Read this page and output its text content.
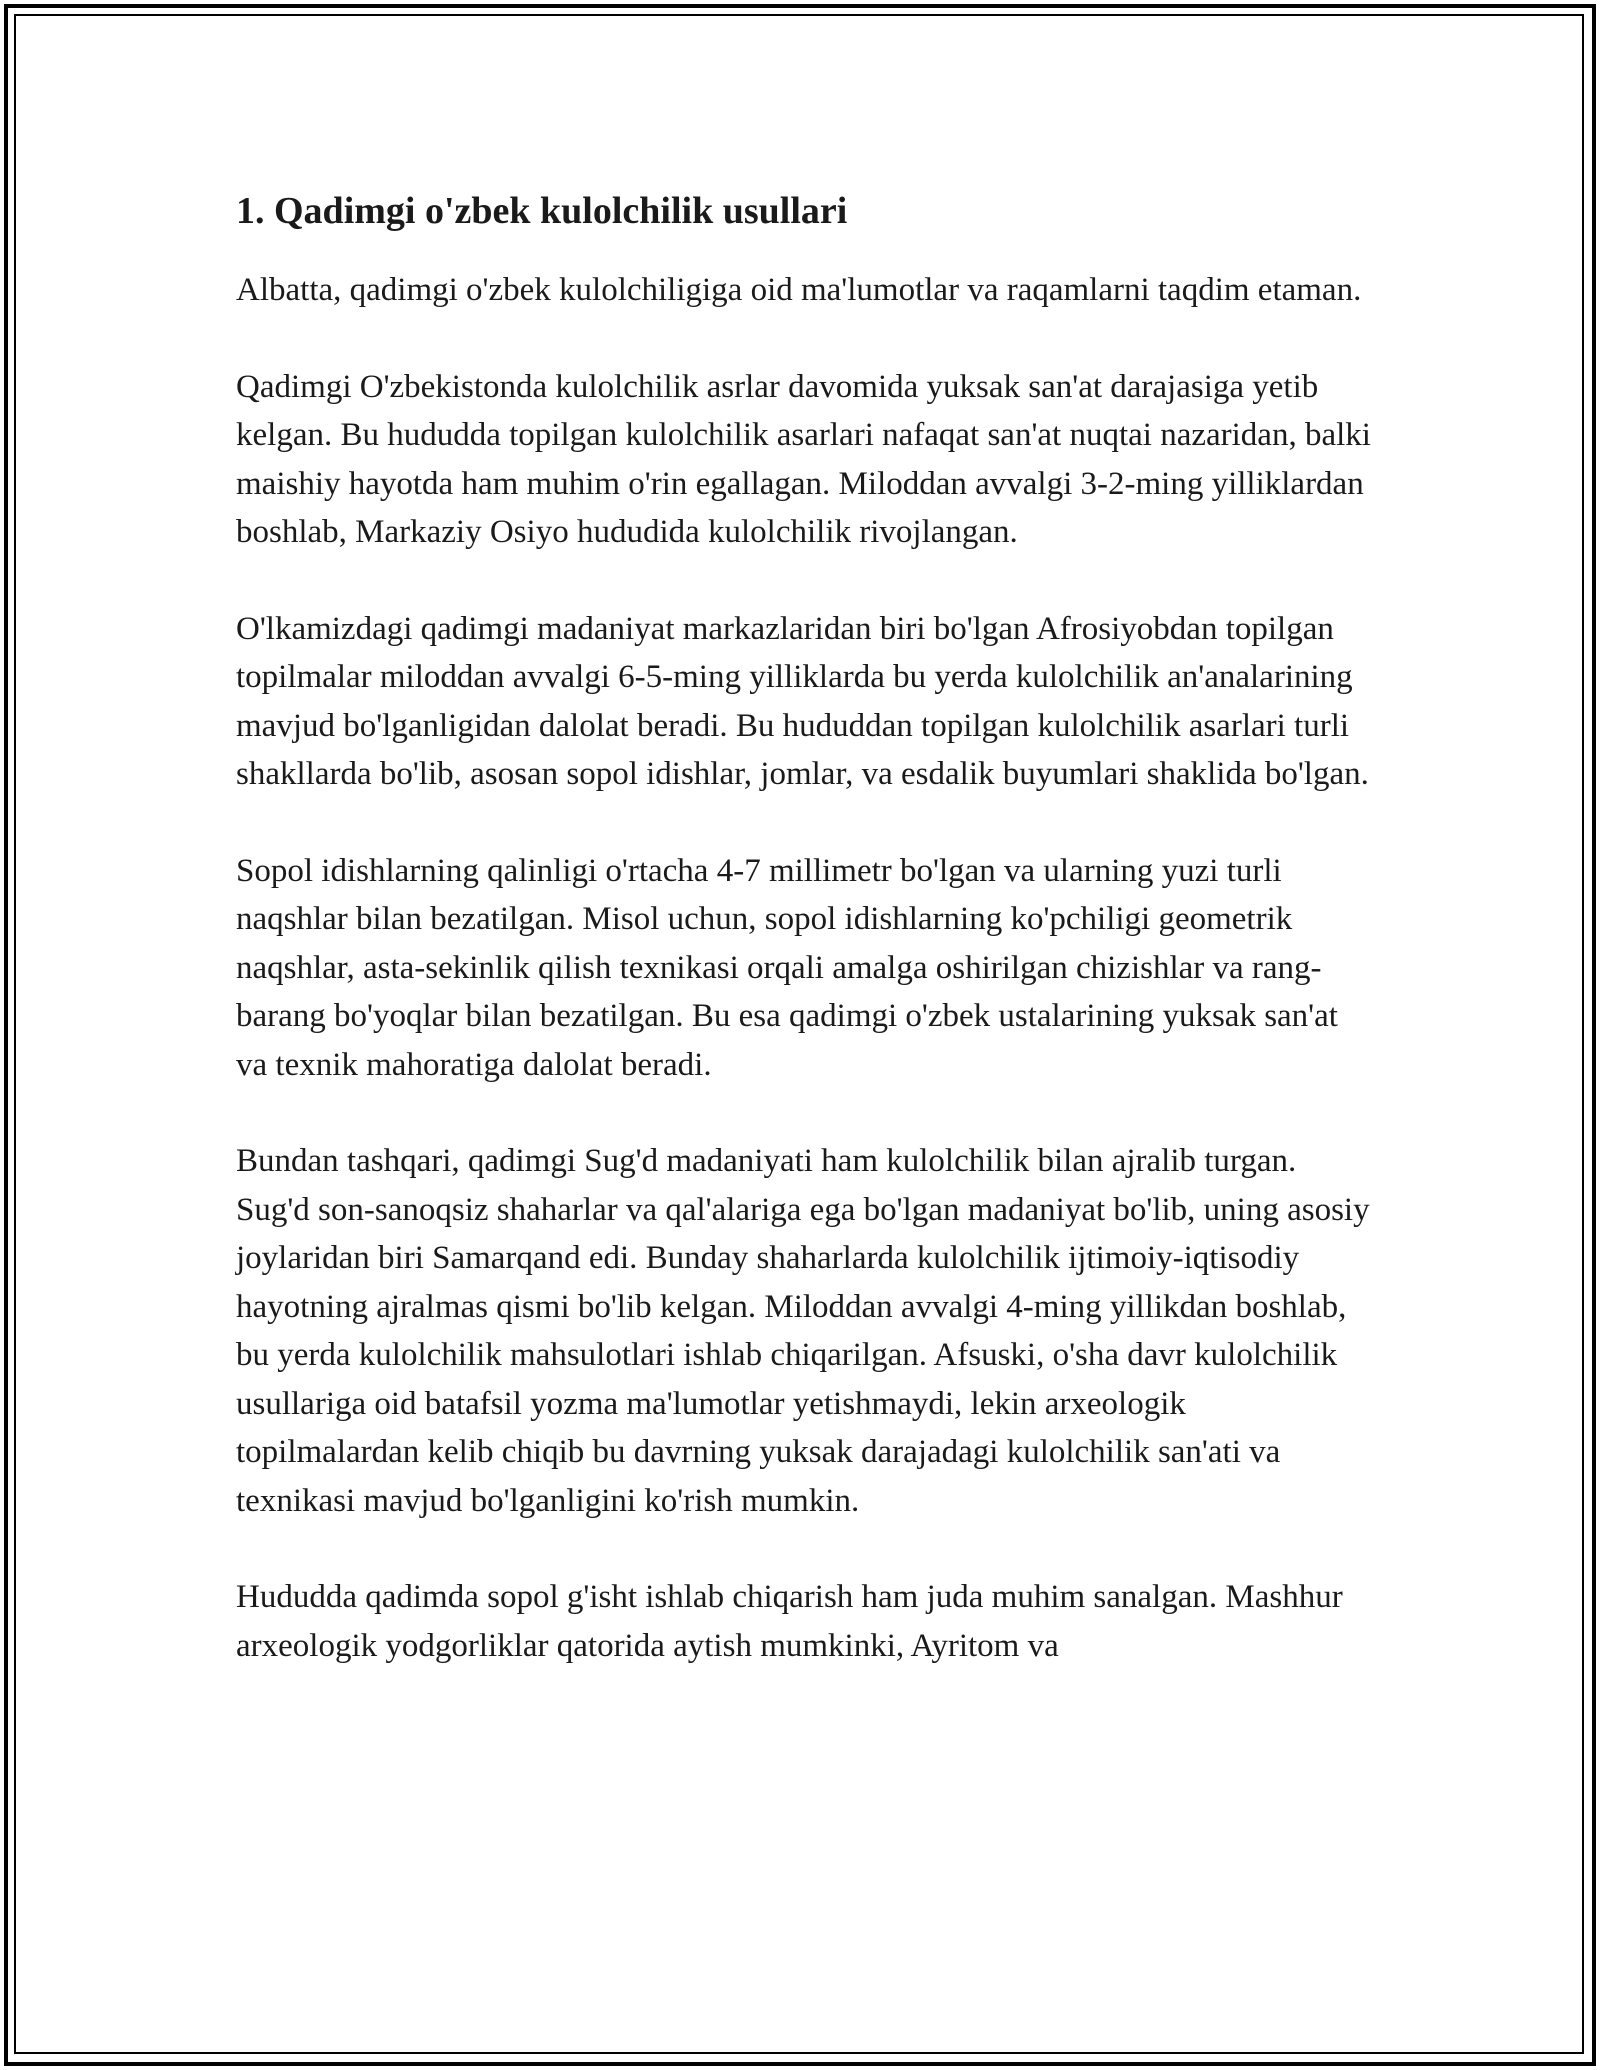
1. Qadimgi o'zbek kulolchilik usullari

Albatta, qadimgi o'zbek kulolchiligiga oid ma'lumotlar va raqamlarni taqdim etaman.

Qadimgi O'zbekistonda kulolchilik asrlar davomida yuksak san'at darajasiga yetib kelgan. Bu hududda topilgan kulolchilik asarlari nafaqat san'at nuqtai nazaridan, balki maishiy hayotda ham muhim o'rin egallagan. Miloddan avvalgi 3-2-ming yilliklardan boshlab, Markaziy Osiyo hududida kulolchilik rivojlangan.

O'lkamizdagi qadimgi madaniyat markazlaridan biri bo'lgan Afrosiyobdan topilgan topilmalar miloddan avvalgi 6-5-ming yilliklarda bu yerda kulolchilik an'analarining mavjud bo'lganligidan dalolat beradi. Bu hududdan topilgan kulolchilik asarlari turli shakllarda bo'lib, asosan sopol idishlar, jomlar, va esdalik buyumlari shaklida bo'lgan.

Sopol idishlarning qalinligi o'rtacha 4-7 millimetr bo'lgan va ularning yuzi turli naqshlar bilan bezatilgan. Misol uchun, sopol idishlarning ko'pchiligi geometrik naqshlar, asta-sekinlik qilish texnikasi orqali amalga oshirilgan chizishlar va rang-barang bo'yoqlar bilan bezatilgan. Bu esa qadimgi o'zbek ustalarining yuksak san'at va texnik mahoratiga dalolat beradi.

Bundan tashqari, qadimgi Sug'd madaniyati ham kulolchilik bilan ajralib turgan. Sug'd son-sanoqsiz shaharlar va qal'alariga ega bo'lgan madaniyat bo'lib, uning asosiy joylaridan biri Samarqand edi. Bunday shaharlarda kulolchilik ijtimoiy-iqtisodiy hayotning ajralmas qismi bo'lib kelgan. Miloddan avvalgi 4-ming yillikdan boshlab, bu yerda kulolchilik mahsulotlari ishlab chiqarilgan. Afsuski, o'sha davr kulolchilik usullariga oid batafsil yozma ma'lumotlar yetishmaydi, lekin arxeologik topilmalardan kelib chiqib bu davrning yuksak darajadagi kulolchilik san'ati va texnikasi mavjud bo'lganligini ko'rish mumkin.

Hududda qadimda sopol g'isht ishlab chiqarish ham juda muhim sanalgan. Mashhur arxeologik yodgorliklar qatorida aytish mumkinki, Ayritom va
